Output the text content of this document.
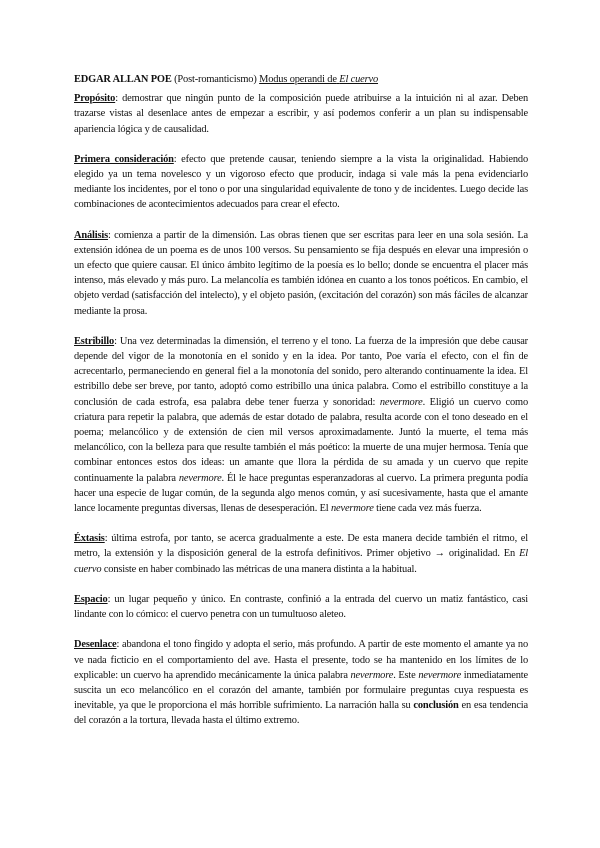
EDGAR ALLAN POE (Post-romanticismo) Modus operandi de El cuervo

Propósito: demostrar que ningún punto de la composición puede atribuirse a la intuición ni al azar. Deben trazarse vistas al desenlace antes de empezar a escribir, y así podemos conferir a un plan su indispensable apariencia lógica y de causalidad.

Primera consideración: efecto que pretende causar, teniendo siempre a la vista la originalidad. Habiendo elegido ya un tema novelesco y un vigoroso efecto que producir, indaga si vale más la pena evidenciarlo mediante los incidentes, por el tono o por una singularidad equivalente de tono y de incidentes. Luego decide las combinaciones de acontecimientos adecuados para crear el efecto.

Análisis: comienza a partir de la dimensión. Las obras tienen que ser escritas para leer en una sola sesión. La extensión idónea de un poema es de unos 100 versos. Su pensamiento se fija después en elevar una impresión o un efecto que quiere causar. El único ámbito legítimo de la poesía es lo bello; donde se encuentra el placer más intenso, más elevado y más puro. La melancolía es también idónea en cuanto a los tonos poéticos. En cambio, el objeto verdad (satisfacción del intelecto), y el objeto pasión, (excitación del corazón) son más fáciles de alcanzar mediante la prosa.

Estribillo: Una vez determinadas la dimensión, el terreno y el tono. La fuerza de la impresión que debe causar depende del vigor de la monotonía en el sonido y en la idea. Por tanto, Poe varía el efecto, con el fin de acrecentarlo, permaneciendo en general fiel a la monotonía del sonido, pero alterando continuamente la idea. El estribillo debe ser breve, por tanto, adoptó como estribillo una única palabra. Como el estribillo constituye a la conclusión de cada estrofa, esa palabra debe tener fuerza y sonoridad: nevermore. Eligió un cuervo como criatura para repetir la palabra, que además de estar dotado de palabra, resulta acorde con el tono deseado en el poema; melancólico y de extensión de cien mil versos aproximadamente. Juntó la muerte, el tema más melancólico, con la belleza para que resulte también el más poético: la muerte de una mujer hermosa. Tenía que combinar entonces estos dos ideas: un amante que llora la pérdida de su amada y un cuervo que repite continuamente la palabra nevermore. Él le hace preguntas esperanzadoras al cuervo. La primera pregunta podía hacer una especie de lugar común, de la segunda algo menos común, y así sucesivamente, hasta que el amante lance locamente preguntas diversas, llenas de desesperación. El nevermore tiene cada vez más fuerza.

Éxtasis: última estrofa, por tanto, se acerca gradualmente a este. De esta manera decide también el ritmo, el metro, la extensión y la disposición general de la estrofa definitivos. Primer objetivo → originalidad. En El cuervo consiste en haber combinado las métricas de una manera distinta a la habitual.

Espacio: un lugar pequeño y único. En contraste, confinió a la entrada del cuervo un matiz fantástico, casi lindante con lo cómico: el cuervo penetra con un tumultuoso aleteo.

Desenlace: abandona el tono fingido y adopta el serio, más profundo. A partir de este momento el amante ya no ve nada ficticio en el comportamiento del ave. Hasta el presente, todo se ha mantenido en los límites de lo explicable: un cuervo ha aprendido mecánicamente la única palabra nevermore. Este nevermore inmediatamente suscita un eco melancólico en el corazón del amante, también por formulaire preguntas cuya respuesta es inevitable, ya que le proporciona el más horrible sufrimiento. La narración halla su conclusión en esa tendencia del corazón a la tortura, llevada hasta el último extremo.
